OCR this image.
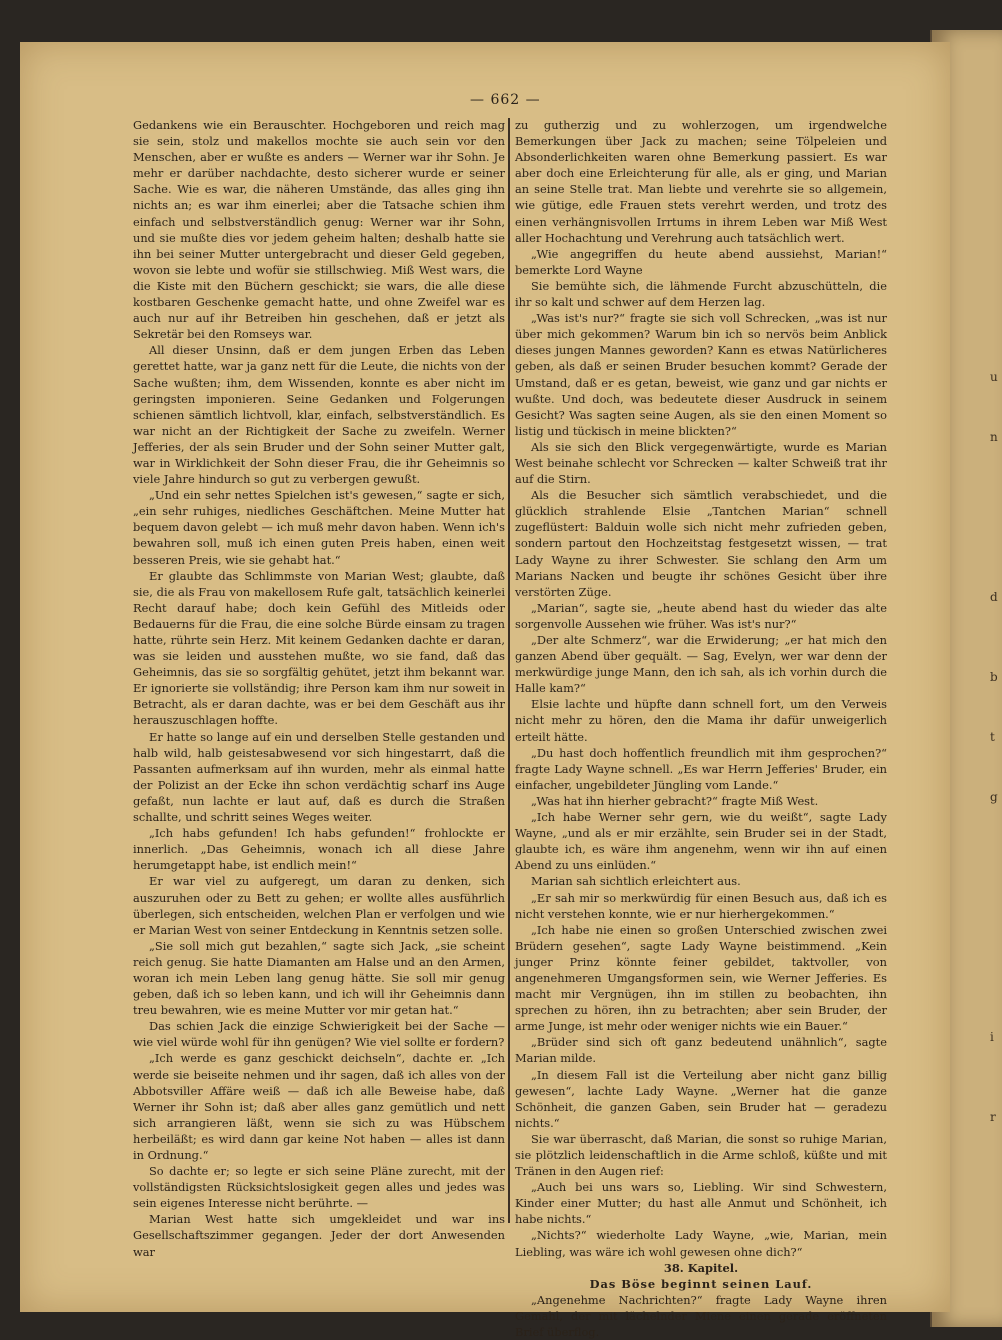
u
n
d
b
t
g
i
r
— 662 —

Gedankens wie ein Berauschter. Hochgeboren und reich mag sie sein, stolz und makellos mochte sie auch sein vor den Menschen, aber er wußte es anders — Werner war ihr Sohn. Je mehr er darüber nachdachte, desto sicherer wurde er seiner Sache. Wie es war, die näheren Umstände, das alles ging ihn nichts an; es war ihm einerlei; aber die Tatsache schien ihm einfach und selbstverständlich genug: Werner war ihr Sohn, und sie mußte dies vor jedem geheim halten; deshalb hatte sie ihn bei seiner Mutter untergebracht und dieser Geld gegeben, wovon sie lebte und wofür sie stillschwieg. Miß West wars, die die Kiste mit den Büchern geschickt; sie wars, die alle diese kostbaren Geschenke gemacht hatte, und ohne Zweifel war es auch nur auf ihr Betreiben hin geschehen, daß er jetzt als Sekretär bei den Romseys war.

All dieser Unsinn, daß er dem jungen Erben das Leben gerettet hatte, war ja ganz nett für die Leute, die nichts von der Sache wußten; ihm, dem Wissenden, konnte es aber nicht im geringsten imponieren. Seine Gedanken und Folgerungen schienen sämtlich lichtvoll, klar, einfach, selbstverständlich. Es war nicht an der Richtigkeit der Sache zu zweifeln. Werner Jefferies, der als sein Bruder und der Sohn seiner Mutter galt, war in Wirklichkeit der Sohn dieser Frau, die ihr Geheimnis so viele Jahre hindurch so gut zu verbergen gewußt.

„Und ein sehr nettes Spielchen ist's gewesen,“ sagte er sich, „ein sehr ruhiges, niedliches Geschäftchen. Meine Mutter hat bequem davon gelebt — ich muß mehr davon haben. Wenn ich's bewahren soll, muß ich einen guten Preis haben, einen weit besseren Preis, wie sie gehabt hat.“

Er glaubte das Schlimmste von Marian West; glaubte, daß sie, die als Frau von makellosem Rufe galt, tatsächlich keinerlei Recht darauf habe; doch kein Gefühl des Mitleids oder Bedauerns für die Frau, die eine solche Bürde einsam zu tragen hatte, rührte sein Herz. Mit keinem Gedanken dachte er daran, was sie leiden und ausstehen mußte, wo sie fand, daß das Geheimnis, das sie so sorgfältig gehütet, jetzt ihm bekannt war. Er ignorierte sie vollständig; ihre Person kam ihm nur soweit in Betracht, als er daran dachte, was er bei dem Geschäft aus ihr herauszuschlagen hoffte.

Er hatte so lange auf ein und derselben Stelle gestanden und halb wild, halb geistesabwesend vor sich hingestarrt, daß die Passanten aufmerksam auf ihn wurden, mehr als einmal hatte der Polizist an der Ecke ihn schon verdächtig scharf ins Auge gefaßt, nun lachte er laut auf, daß es durch die Straßen schallte, und schritt seines Weges weiter.

„Ich habs gefunden! Ich habs gefunden!“ frohlockte er innerlich. „Das Geheimnis, wonach ich all diese Jahre herumgetappt habe, ist endlich mein!“

Er war viel zu aufgeregt, um daran zu denken, sich auszuruhen oder zu Bett zu gehen; er wollte alles ausführlich überlegen, sich entscheiden, welchen Plan er verfolgen und wie er Marian West von seiner Entdeckung in Kenntnis setzen solle.

„Sie soll mich gut bezahlen,“ sagte sich Jack, „sie scheint reich genug. Sie hatte Diamanten am Halse und an den Armen, woran ich mein Leben lang genug hätte. Sie soll mir genug geben, daß ich so leben kann, und ich will ihr Geheimnis dann treu bewahren, wie es meine Mutter vor mir getan hat.“

Das schien Jack die einzige Schwierigkeit bei der Sache — wie viel würde wohl für ihn genügen? Wie viel sollte er fordern?

„Ich werde es ganz geschickt deichseln“, dachte er. „Ich werde sie beiseite nehmen und ihr sagen, daß ich alles von der Abbotsviller Affäre weiß — daß ich alle Beweise habe, daß Werner ihr Sohn ist; daß aber alles ganz gemütlich und nett sich arrangieren läßt, wenn sie sich zu was Hübschem herbeiläßt; es wird dann gar keine Not haben — alles ist dann in Ordnung.“

So dachte er; so legte er sich seine Pläne zurecht, mit der vollständigsten Rücksichtslosigkeit gegen alles und jedes was sein eigenes Interesse nicht berührte. —

Marian West hatte sich umgekleidet und war ins Gesellschaftszimmer gegangen. Jeder der dort Anwesenden war

zu gutherzig und zu wohlerzogen, um irgendwelche Bemerkungen über Jack zu machen; seine Tölpeleien und Absonderlichkeiten waren ohne Bemerkung passiert. Es war aber doch eine Erleichterung für alle, als er ging, und Marian an seine Stelle trat. Man liebte und verehrte sie so allgemein, wie gütige, edle Frauen stets verehrt werden, und trotz des einen verhängnisvollen Irrtums in ihrem Leben war Miß West aller Hochachtung und Verehrung auch tatsächlich wert.

„Wie angegriffen du heute abend aussiehst, Marian!“ bemerkte Lord Wayne

Sie bemühte sich, die lähmende Furcht abzuschütteln, die ihr so kalt und schwer auf dem Herzen lag.

„Was ist's nur?“ fragte sie sich voll Schrecken, „was ist nur über mich gekommen? Warum bin ich so nervös beim Anblick dieses jungen Mannes geworden? Kann es etwas Natürlicheres geben, als daß er seinen Bruder besuchen kommt? Gerade der Umstand, daß er es getan, beweist, wie ganz und gar nichts er wußte. Und doch, was bedeutete dieser Ausdruck in seinem Gesicht? Was sagten seine Augen, als sie den einen Moment so listig und tückisch in meine blickten?“

Als sie sich den Blick vergegenwärtigte, wurde es Marian West beinahe schlecht vor Schrecken — kalter Schweiß trat ihr auf die Stirn.

Als die Besucher sich sämtlich verabschiedet, und die glücklich strahlende Elsie „Tantchen Marian“ schnell zugeflüstert: Balduin wolle sich nicht mehr zufrieden geben, sondern partout den Hochzeitstag festgesetzt wissen, — trat Lady Wayne zu ihrer Schwester. Sie schlang den Arm um Marians Nacken und beugte ihr schönes Gesicht über ihre verstörten Züge.

„Marian“, sagte sie, „heute abend hast du wieder das alte sorgenvolle Aussehen wie früher. Was ist's nur?“

„Der alte Schmerz“, war die Erwiderung; „er hat mich den ganzen Abend über gequält. — Sag, Evelyn, wer war denn der merkwürdige junge Mann, den ich sah, als ich vorhin durch die Halle kam?“

Elsie lachte und hüpfte dann schnell fort, um den Verweis nicht mehr zu hören, den die Mama ihr dafür unweigerlich erteilt hätte.

„Du hast doch hoffentlich freundlich mit ihm gesprochen?“ fragte Lady Wayne schnell. „Es war Herrn Jefferies' Bruder, ein einfacher, ungebildeter Jüngling vom Lande.“

„Was hat ihn hierher gebracht?“ fragte Miß West.

„Ich habe Werner sehr gern, wie du weißt“, sagte Lady Wayne, „und als er mir erzählte, sein Bruder sei in der Stadt, glaubte ich, es wäre ihm angenehm, wenn wir ihn auf einen Abend zu uns einlüden.“

Marian sah sichtlich erleichtert aus.

„Er sah mir so merkwürdig für einen Besuch aus, daß ich es nicht verstehen konnte, wie er nur hierhergekommen.“

„Ich habe nie einen so großen Unterschied zwischen zwei Brüdern gesehen“, sagte Lady Wayne beistimmend. „Kein junger Prinz könnte feiner gebildet, taktvoller, von angenehmeren Umgangsformen sein, wie Werner Jefferies. Es macht mir Vergnügen, ihn im stillen zu beobachten, ihn sprechen zu hören, ihn zu betrachten; aber sein Bruder, der arme Junge, ist mehr oder weniger nichts wie ein Bauer.“

„Brüder sind sich oft ganz bedeutend unähnlich“, sagte Marian milde.

„In diesem Fall ist die Verteilung aber nicht ganz billig gewesen“, lachte Lady Wayne. „Werner hat die ganze Schönheit, die ganzen Gaben, sein Bruder hat — geradezu nichts.“

Sie war überrascht, daß Marian, die sonst so ruhige Marian, sie plötzlich leidenschaftlich in die Arme schloß, küßte und mit Tränen in den Augen rief:

„Auch bei uns wars so, Liebling. Wir sind Schwestern, Kinder einer Mutter; du hast alle Anmut und Schönheit, ich habe nichts.“

„Nichts?“ wiederholte Lady Wayne, „wie, Marian, mein Liebling, was wäre ich wohl gewesen ohne dich?“

38. Kapitel.

Das Böse beginnt seinen Lauf.

„Angenehme Nachrichten?“ fragte Lady Wayne ihren Gemahl, der mit lächelnder Miene einen gerade eröffneten Brief überflog.
